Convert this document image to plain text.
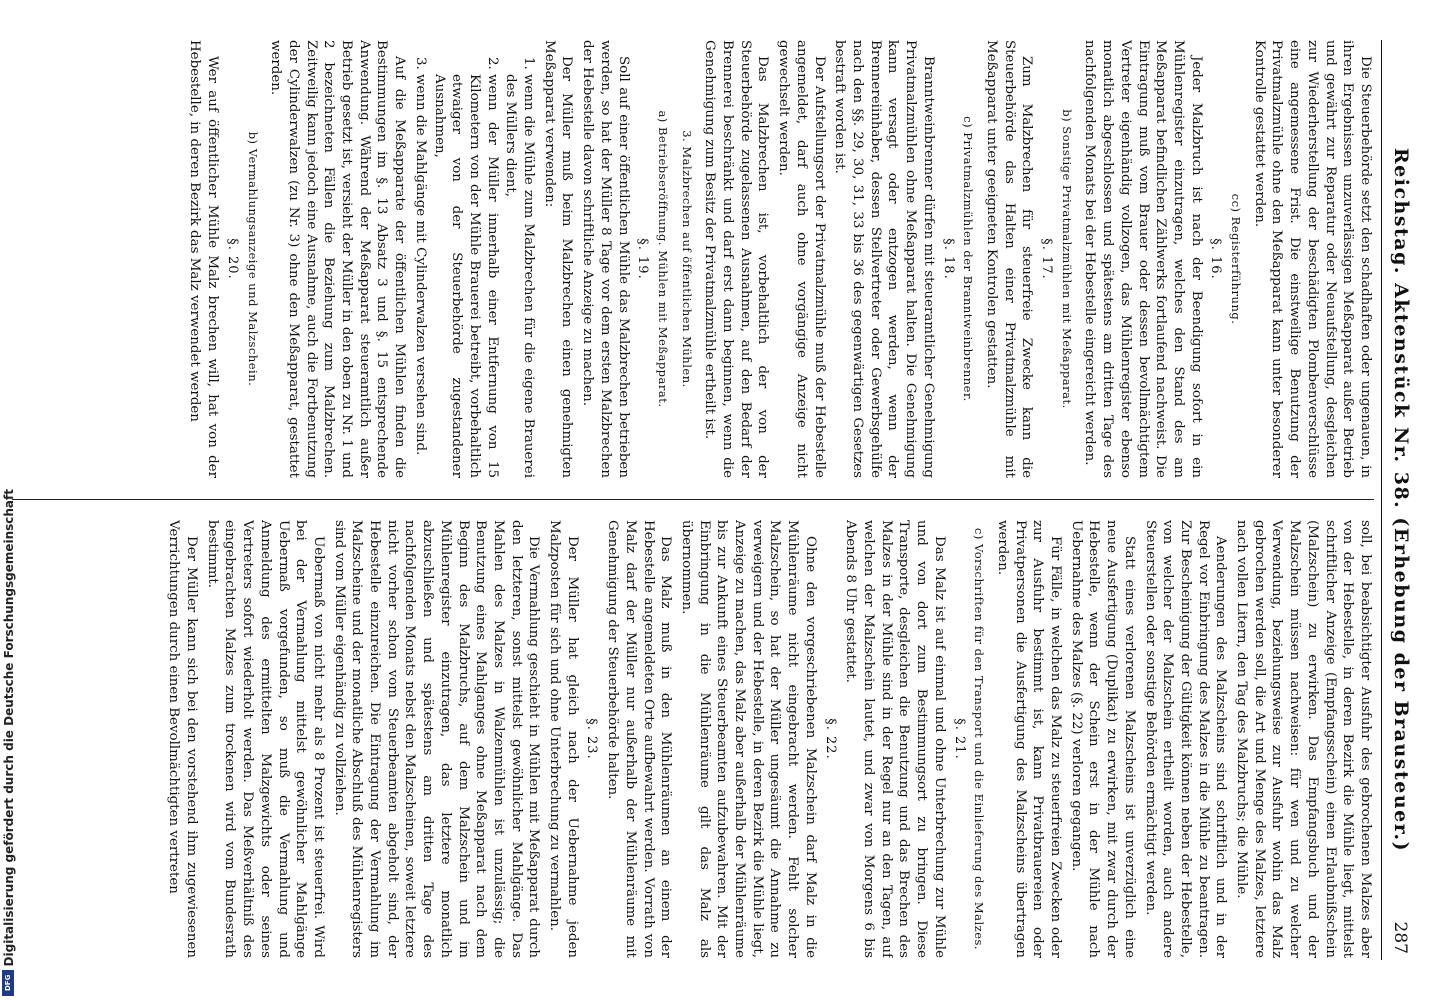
Reichstag. Aktenstück Nr. 38. (Erhebung der Brausteuer.)
287

Die Steuerbehörde setzt den schadhaften oder ungenauen, in ihren Ergebnissen unzuverlässigen Meßapparat außer Betrieb und gewährt zur Reparatur oder Neuaufstellung, desgleichen zur Wiederherstellung der beschädigten Plombenverschlüsse eine angemessene Frist. Die einstweilige Benutzung der Privatmalzmühle ohne den Meßapparat kann unter besonderer Kontrolle gestattet werden.

cc) Registerführung.
§. 16.

Jeder Malzbruch ist nach der Beendigung sofort in ein Mühlenregister einzutragen, welches den Stand des am Meßapparat befindlichen Zählwerks fortlaufend nachweist. Die Eintragung muß vom Brauer oder dessen bevollmächtigtem Vertreter eigenhändig vollzogen, das Mühlenregister ebenso monatlich abgeschlossen und spätestens am dritten Tage des nachfolgenden Monats bei der Hebestelle eingereicht werden.

b) Sonstige Privatmalzmühlen mit Meßapparat.
§. 17.

Zum Malzbrechen für steuerfreie Zwecke kann die Steuerbehörde das Halten einer Privatmalzmühle mit Meßapparat unter geeigneten Kontrolen gestatten.

c) Privatmalzmühlen der Branntweinbrenner.
§. 18.

Branntweinbrenner dürfen mit steueramtlicher Genehmigung Privatmalzmühlen ohne Meßapparat halten. Die Genehmigung kann versagt oder entzogen werden, wenn der Brennereiinhaber, dessen Stellvertreter oder Gewerbsgehülfe nach den §§. 29, 30, 31, 33 bis 36 des gegenwärtigen Gesetzes bestraft worden ist.

Der Aufstellungsort der Privatmalzmühle muß der Hebestelle angemeldet, darf auch ohne vorgängige Anzeige nicht gewechselt werden.

Das Malzbrechen ist, vorbehaltlich der von der Steuerbehörde zugelassenen Ausnahmen, auf den Bedarf der Brennerei beschränkt und darf erst dann beginnen, wenn die Genehmigung zum Besitz der Privatmalzmühle ertheilt ist.

3. Malzbrechen auf öffentlichen Mühlen.
a) Betriebseröffnung. Mühlen mit Meßapparat.
§. 19.

Soll auf einer öffentlichen Mühle das Malzbrechen betrieben werden, so hat der Müller 8 Tage vor dem ersten Malzbrechen der Hebestelle davon schriftliche Anzeige zu machen.

Der Müller muß beim Malzbrechen einen genehmigten Meßapparat verwenden:

1. wenn die Mühle zum Malzbrechen für die eigene Brauerei des Müllers dient,
2. wenn der Müller innerhalb einer Entfernung von 15 Kilometern von der Mühle Brauerei betreibt, vorbehaltlich etwaiger von der Steuerbehörde zugestandener Ausnahmen,
3. wenn die Mahlgänge mit Cylinderwalzen versehen sind.

Auf die Meßapparate der öffentlichen Mühlen finden die Bestimmungen im §. 13 Absatz 3 und §. 15 entsprechende Anwendung. Während der Meßapparat steueramtlich außer Betrieb gesetzt ist, versieht der Müller in den oben zu Nr. 1 und 2 bezeichneten Fällen die Beziehung zum Malzbrechen. Zeitweilig kann jedoch eine Ausnahme, auch die Fortbenutzung der Cylinderwalzen (zu Nr. 3) ohne den Meßapparat, gestattet werden.

b) Vermahlungsanzeige und Malzschein.
§. 20.

Wer auf öffentlicher Mühle Malz brechen will, hat von der Hebestelle, in deren Bezirk das Malz verwendet werden

soll, bei beabsichtigter Ausfuhr des gebrochenen Malzes aber von der Hebestelle, in deren Bezirk die Mühle liegt, mittelst schriftlicher Anzeige (Empfangsschein) einen Erlaubnißschein (Malzschein) zu erwirken. Das Empfangsbuch und der Malzschein müssen nachweisen: für wen und zu welcher Verwendung, beziehungsweise zur Ausfuhr wohin das Malz gebrochen werden soll, die Art und Menge des Malzes, letztere nach vollen Litern, den Tag des Malzbruchs; die Mühle.

Aenderungen des Malzscheins sind schriftlich und in der Regel vor Einbringung des Malzes in die Mühle zu beantragen. Zur Bescheinigung der Gültigkeit können neben der Hebestelle, von welcher der Malzschein ertheilt worden, auch andere Steuerstellen oder sonstige Behörden ermächtigt werden.

Statt eines verlorenen Malzscheins ist unverzüglich eine neue Ausfertigung (Duplikat) zu erwirken, mit zwar durch der Hebestelle, wenn der Schein erst in der Mühle nach Uebernahme des Malzes (§. 22) verloren gegangen.

Für Fälle, in welchen das Malz zu steuerfreien Zwecken oder zur Ausfuhr bestimmt ist, kann Privatbrauereien oder Privatpersonen die Ausfertigung des Malzscheins übertragen werden.

c) Vorschriften für den Transport und die Einlieferung des Malzes.
§. 21.

Das Malz ist auf einmal und ohne Unterbrechung zur Mühle und von dort zum Bestimmungsort zu bringen. Diese Transporte, desgleichen die Benutzung und das Brechen des Malzes in der Mühle sind in der Regel nur an den Tagen, auf welchen der Malzschein lautet, und zwar von Morgens 6 bis Abends 8 Uhr gestattet.

§. 22.

Ohne den vorgeschriebenen Malzschein darf Malz in die Mühlenräume nicht eingebracht werden. Fehlt solcher Malzschein, so hat der Müller ungesäumt die Annahme zu verweigern und der Hebestelle, in deren Bezirk die Mühle liegt, Anzeige zu machen, das Malz aber außerhalb der Mühlenräume bis zur Ankunft eines Steuerbeamten aufzubewahren. Mit der Einbringung in die Mühlenräume gilt das Malz als übernommen.

Das Malz muß in den Mühlenräumen an einem der Hebestelle angemeldeten Orte aufbewahrt werden. Vorrath von Malz darf der Müller nur außerhalb der Mühlenräume mit Genehmigung der Steuerbehörde halten.

§. 23.

Der Müller hat gleich nach der Uebernahme jeden Malzposten für sich und ohne Unterbrechung zu vermahlen.

Die Vermahlung geschieht in Mühlen mit Meßapparat durch den letzteren, sonst mittelst gewöhnlicher Mahlgänge. Das Mahlen des Malzes in Walzenmühlen ist unzulässig; die Benutzung eines Mahlganges ohne Meßapparat nach dem Beginn des Malzbruchs, auf dem Malzschein und im Mühlenregister einzutragen, das letztere monatlich abzuschließen und spätestens am dritten Tage des nachfolgenden Monats nebst den Malzscheinen, soweit letztere nicht vorher schon vom Steuerbeamten abgeholt sind, der Hebestelle einzureichen. Die Eintragung der Vermahlung im Malzscheine und der monatliche Abschluß des Mühlenregisters sind vom Müller eigenhändig zu vollziehen.

Uebermaß von nicht mehr als 8 Prozent ist steuerfrei. Wird bei der Vermahlung mittelst gewöhnlicher Mahlgänge Uebermaß vorgefunden, so muß die Vermahlung und Anmeldung des ermittelten Malzgewichts oder seines Vertreters sofort wiederholt werden. Das Meßverhältniß des eingebrachten Malzes zum trockenen wird vom Bundesrath bestimmt.

Der Müller kann sich bei den vorstehend ihm zugewiesenen Verrichtungen durch einen Bevollmächtigten vertreten

Digitalisierung gefördert durch die Deutsche Forschungsgemeinschaft
DFG
